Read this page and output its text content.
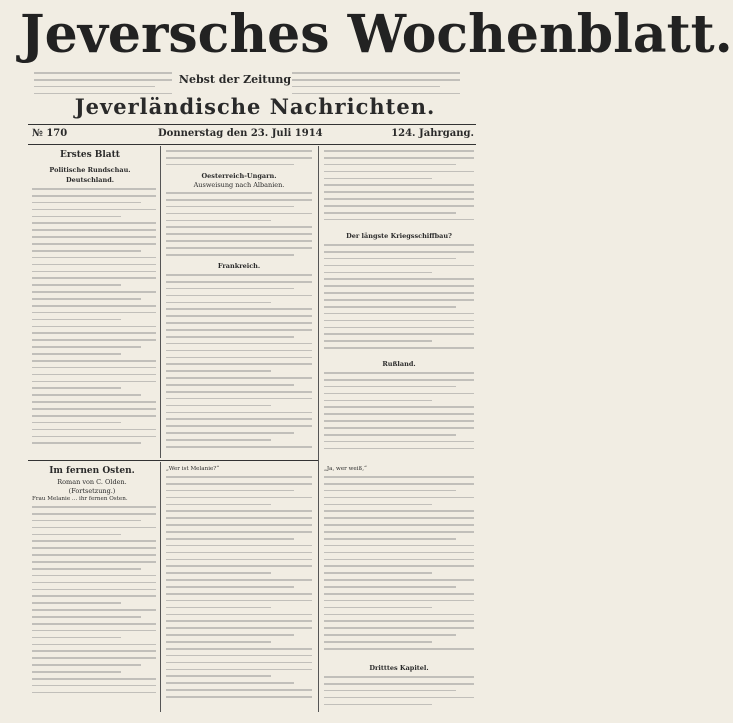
Jeversches Wochenblatt.
Nebst der Zeitung
Jeverländische Nachrichten.
№ 170	Donnerstag den 23. Juli 1914	124. Jahrgang.
Erstes Blatt
Politische Rundschau.
Deutschland.	Oesterreich-Ungarn.
Ausweisung nach Albanien.
Frankreich.
Der längste Kriegsschiffbau?
Rußland.
Im fernen Osten.
Roman von C. Olden.
(Fortsetzung.)
Frau Melanie ... ihr fernen Osten.
„Wer ist Melanie?“	„Ja, wer weiß,“
Dritttes Kapitel.
